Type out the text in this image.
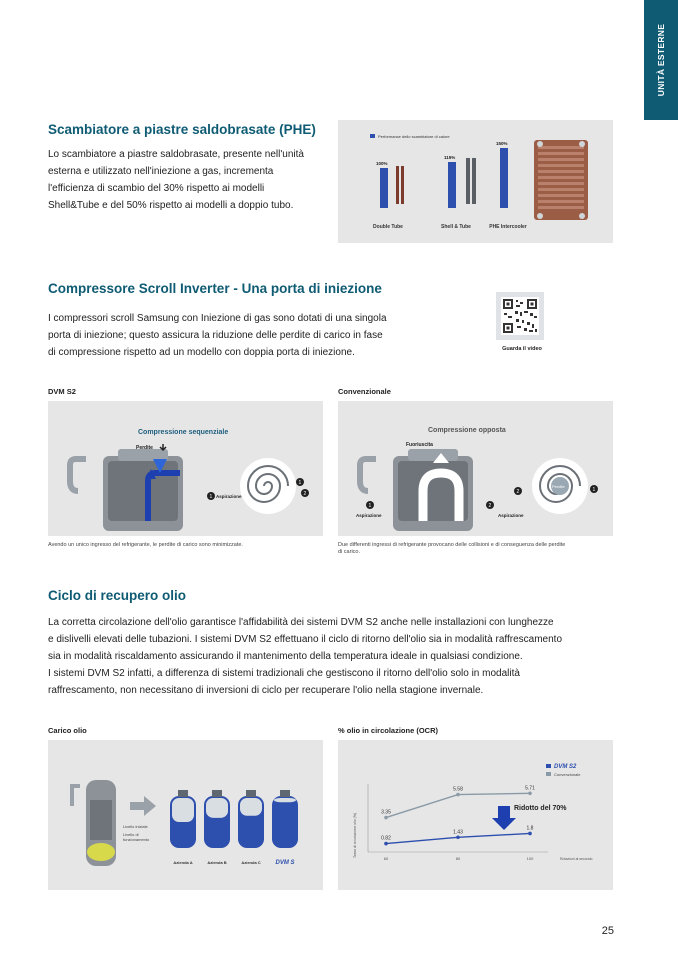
UNITÀ ESTERNE
Scambiatore a piastre saldobrasate (PHE)
Lo scambiatore a piastre saldobrasate, presente nell'unità
esterna e utilizzato nell'iniezione a gas, incrementa
l'efficienza di scambio del 30% rispetto ai modelli
Shell&Tube e del 50% rispetto ai modelli a doppio tubo.
Performance dello scambiatore di calore
100%
115%
150%
Double Tube	Shell & Tube	PHE Intercooler
Compressore Scroll Inverter - Una porta di iniezione
I compressori scroll Samsung con Iniezione di gas sono dotati di una singola
porta di iniezione; questo assicura la riduzione delle perdite di carico in fase
di compressione rispetto ad un modello con doppia porta di iniezione.	Guarda il video
DVM S2
Compressione sequenziale
Perdite
1 Aspirazione
1
2
Avendo un unico ingresso del refrigerante, le perdite di carico sono minimizzate.
Convenzionale
Compressione opposta
Fuoriuscita
1
Aspirazione
2
Aspirazione
Perdite
2	1
Due differenti ingressi di refrigerante provocano delle collisioni e di conseguenza delle perdite
di carico.
Ciclo di recupero olio
La corretta circolazione dell'olio garantisce l'affidabilità dei sistemi DVM S2 anche nelle installazioni con lunghezze
e dislivelli elevati delle tubazioni. I sistemi DVM S2 effettuano il ciclo di ritorno dell'olio sia in modalità raffrescamento
sia in modalità riscaldamento assicurando il mantenimento della temperatura ideale in qualsiasi condizione.
I sistemi DVM S2 infatti, a differenza di sistemi tradizionali che gestiscono il ritorno dell'olio solo in modalità
raffrescamento, non necessitano di inversioni di ciclo per recuperare l'olio nella stagione invernale.
Carico olio
Livello iniziale
Livello di
funzionamento
Azienda A	Azienda B	Azienda C DVM S
% olio in circolazione (OCR)
DVM S2
Convenzionale
Tasso di circolazione olio (%)
Rotazioni al secondo
Ridotto del 70%
60	80	100
3.35
5.58	5.71
0.82
1.43
1.8
25
